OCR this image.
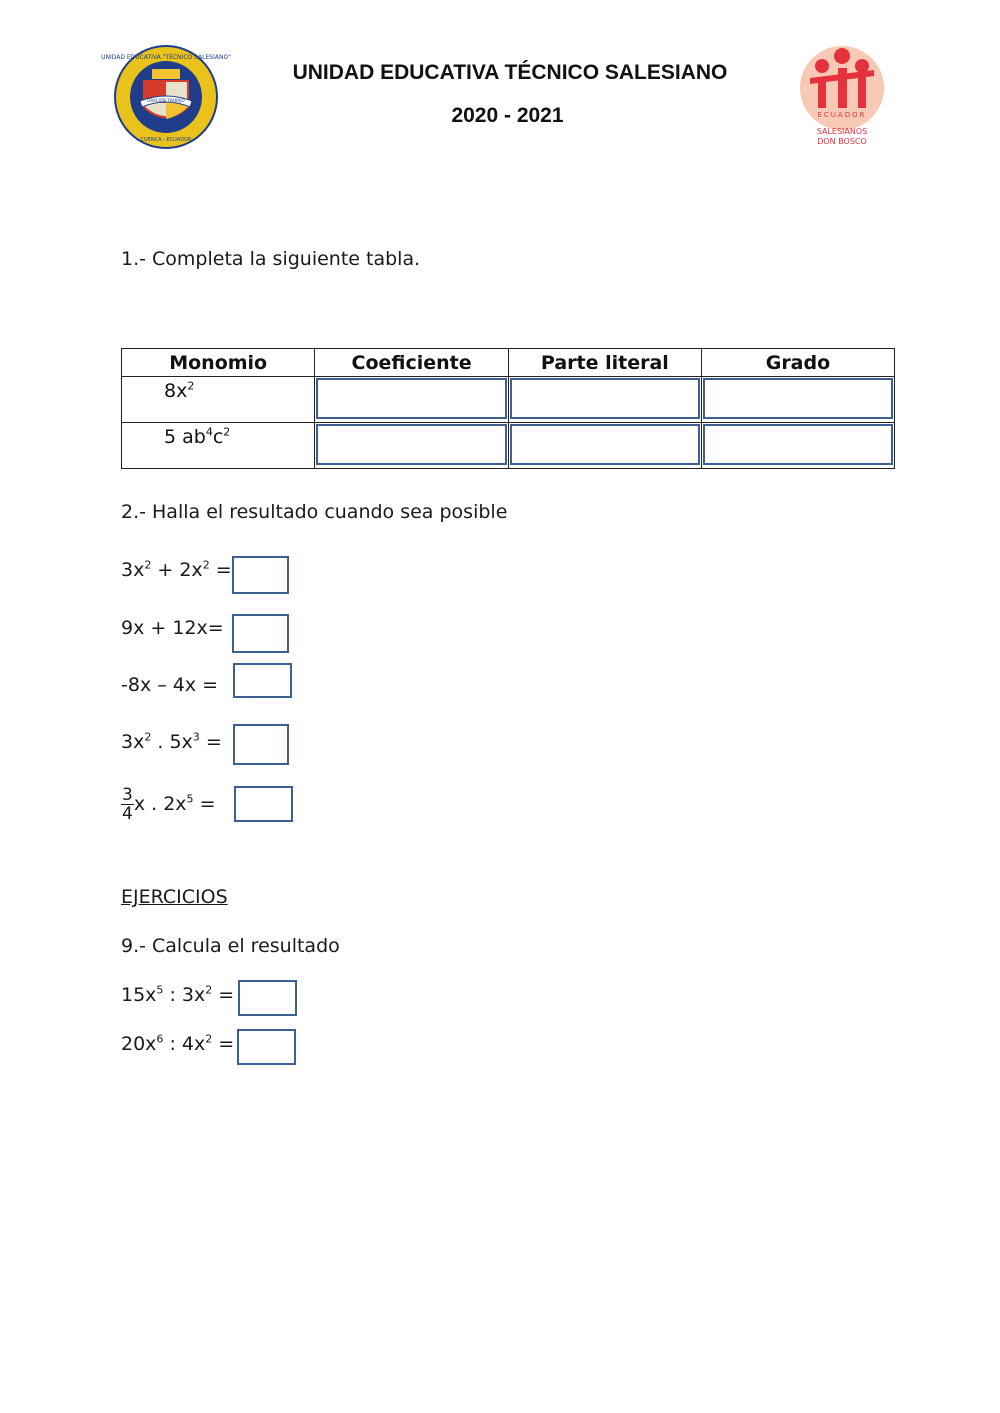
UNIDAD EDUCATIVA "TÉCNICO SALESIANO"
CUENCA - ECUADOR
ORACIÓN TRABAJO
UNIDAD EDUCATIVA TÉCNICO SALESIANO
2020 - 2021	ECUADOR
SALESIANOS
DON BOSCO
1.- Completa la siguiente tabla.
Monomio	Coeficiente	Parte literal	Grado

$8x^2$

5 $ab^4c^2$

2.- Halla el resultado cuando sea posible
$3x^2 + 2x^2$ =
9x + 12x=
-8x – 4x =
$3x^2$ . $5x^3$ =
$\frac{3}{4}$ x . $2x^5$ =
EJERCICIOS
9.- Calcula el resultado
$15x^5$ : $3x^2$ =
$20x^6$ : $4x^2$ =
